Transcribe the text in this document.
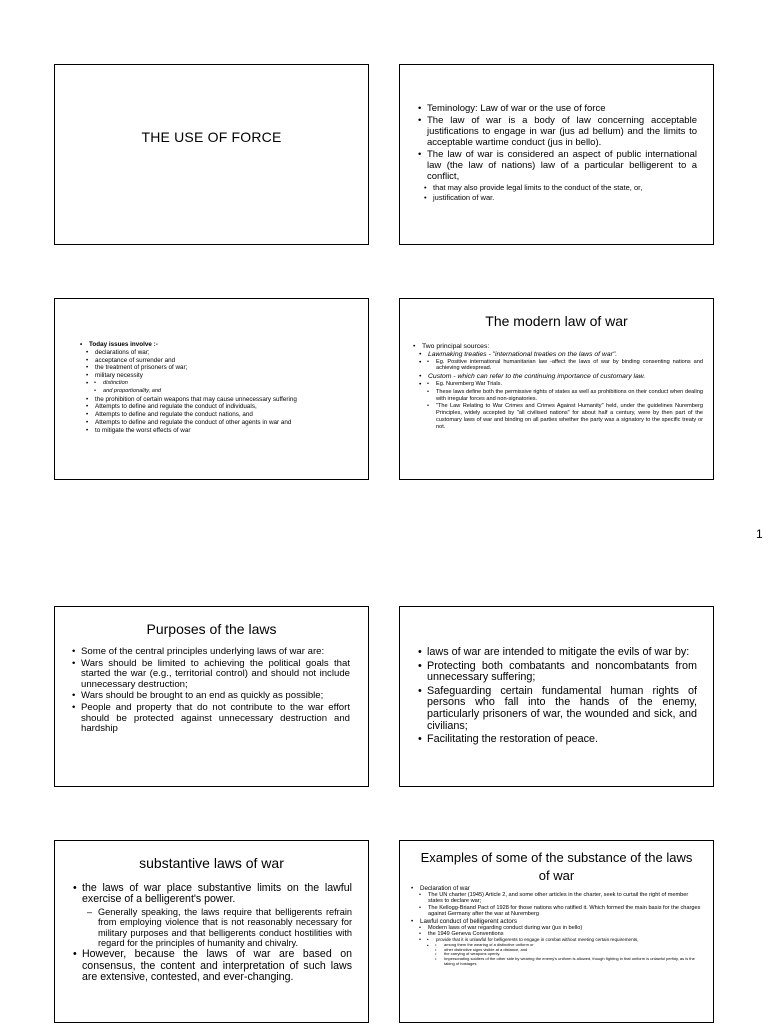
1
THE USE OF FORCE
• Teminology: Law of war or the use of force
• The law of war is a body of law concerning acceptable justifications to engage in war (jus ad bellum) and the limits to acceptable wartime conduct (jus in bello).
• The law of war is considered an aspect of public international law (the law of nations) law of a particular belligerent to a conflict,
• that may also provide legal limits to the conduct of the state, or,
• justification of war.
• Today issues involve :-
• declarations of war;
• acceptance of surrender and
• the treatment of prisoners of war;
• military necessity
• • distinction
• and proportionality, and
• the prohibition of certain weapons that may cause unnecessary suffering
• Attempts to define and regulate the conduct of individuals,
• Attempts to define and regulate the conduct nations, and
• Attempts to define and regulate the conduct of other agents in war and
• to mitigate the worst effects of war
The modern law of war
• Two principal sources:
• Lawmaking treaties - "international treaties on the laws of war".
• • Eg. Positive international humanitarian law -affect the laws of war by binding consenting nations and achieving widespread.
• Custom - which can refer to the continuing importance of customary law.
• • Eg. Nuremberg War Trials.
• These laws define both the permissive rights of states as well as prohibitions on their conduct when dealing with irregular forces and non-signatories.
• "The Law Relating to War Crimes and Crimes Against Humanity" held, under the guidelines Nuremberg Principles, widely accepted by "all civilised nations" for about half a century, were by then part of the customary laws of war and binding on all parties whether the party was a signatory to the specific treaty or not.
Purposes of the laws
• Some of the central principles underlying laws of war are:
• Wars should be limited to achieving the political goals that started the war (e.g., territorial control) and should not include unnecessary destruction;
• Wars should be brought to an end as quickly as possible;
• People and property that do not contribute to the war effort should be protected against unnecessary destruction and hardship
• laws of war are intended to mitigate the evils of war by:
• Protecting both combatants and noncombatants from unnecessary suffering;
• Safeguarding certain fundamental human rights of persons who fall into the hands of the enemy, particularly prisoners of war, the wounded and sick, and civilians;
• Facilitating the restoration of peace.
substantive laws of war
• the laws of war place substantive limits on the lawful exercise of a belligerent's power.
– Generally speaking, the laws require that belligerents refrain from employing violence that is not reasonably necessary for military purposes and that belligerents conduct hostilities with regard for the principles of humanity and chivalry.
• However, because the laws of war are based on consensus, the content and interpretation of such laws are extensive, contested, and ever-changing.
Examples of some of the substance of the laws of war
• Declaration of war
• The UN charter (1945) Article 2, and some other articles in the charter, seek to curtail the right of member states to declare war;
• The Kellogg-Briand Pact of 1928 for those nations who ratified it. Which formed the main basis for the charges against Germany after the war at Nuremberg
• Lawful conduct of belligerent actors
• Modern laws of war regarding conduct during war (jus in bello)
• the 1949 Geneva Conventions
• • provide that it is unlawful for belligerents to engage in combat without meeting certain requirements,
• • among them the wearing of a distinctive uniform or
• other distinctive signs visible at a distance, and
• the carrying of weapons openly.
• Impersonating soldiers of the other side by wearing the enemy's uniform is allowed, though fighting in that uniform is unlawful perfidy, as is the taking of hostages
